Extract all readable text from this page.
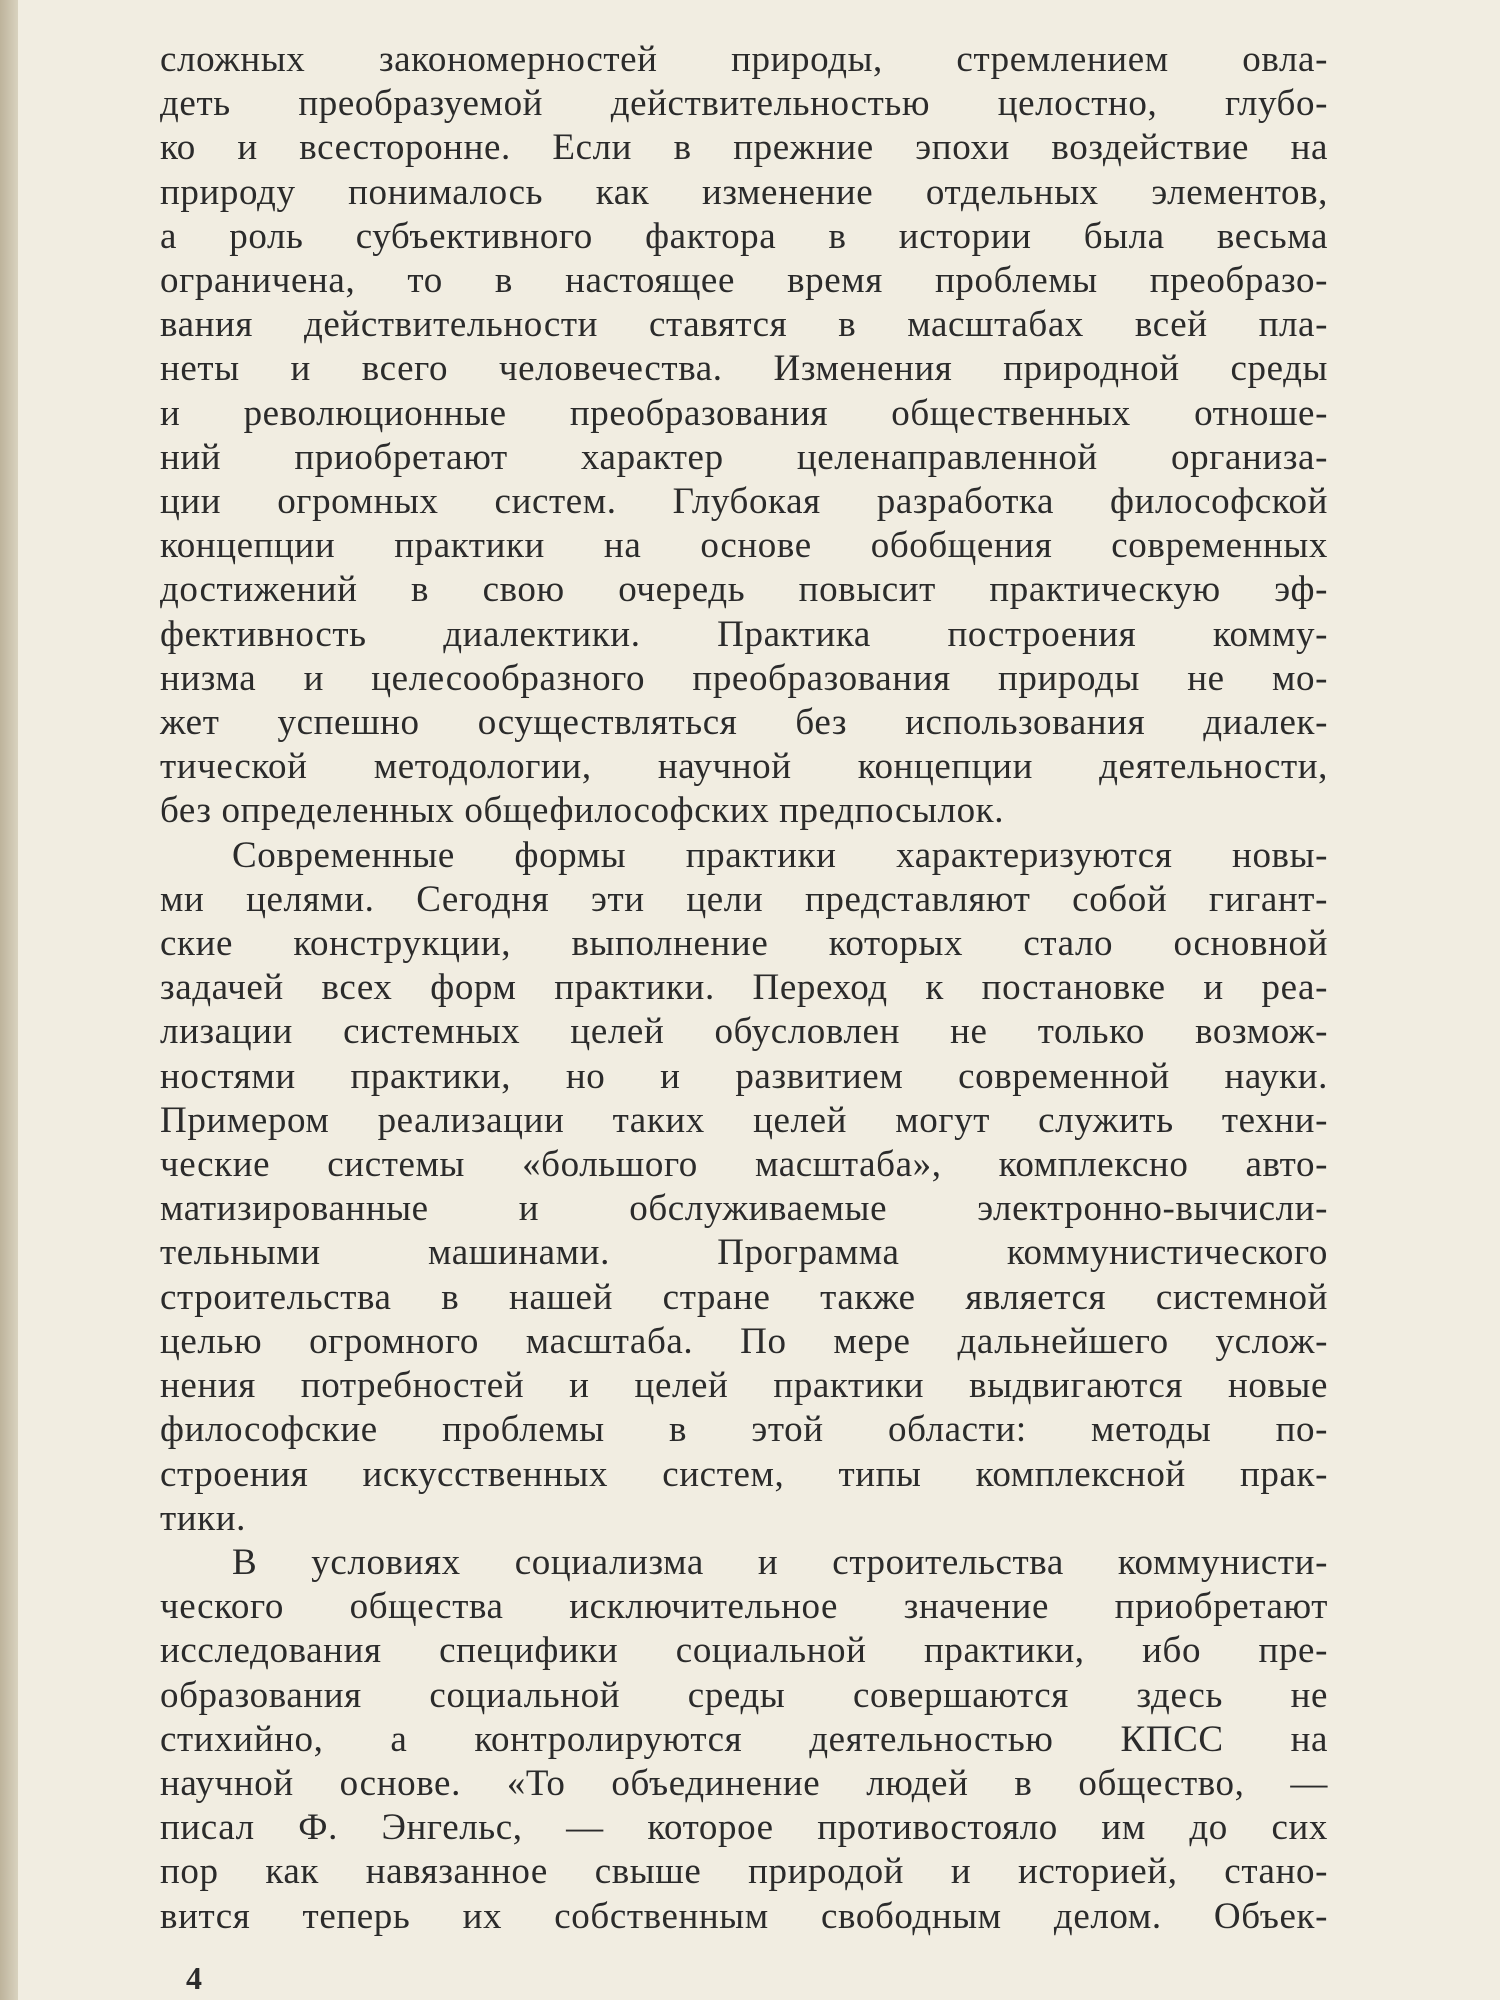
сложных закономерностей природы, стремлением овла-
деть преобразуемой действительностью целостно, глубо-
ко и всесторонне. Если в прежние эпохи воздействие на
природу понималось как изменение отдельных элементов,
а роль субъективного фактора в истории была весьма
ограничена, то в настоящее время проблемы преобразо-
вания действительности ставятся в масштабах всей пла-
неты и всего человечества. Изменения природной среды
и революционные преобразования общественных отноше-
ний приобретают характер целенаправленной организа-
ции огромных систем. Глубокая разработка философской
концепции практики на основе обобщения современных
достижений в свою очередь повысит практическую эф-
фективность диалектики. Практика построения комму-
низма и целесообразного преобразования природы не мо-
жет успешно осуществляться без использования диалек-
тической методологии, научной концепции деятельности,
без определенных общефилософских предпосылок.
Современные формы практики характеризуются новы-
ми целями. Сегодня эти цели представляют собой гигант-
ские конструкции, выполнение которых стало основной
задачей всех форм практики. Переход к постановке и реа-
лизации системных целей обусловлен не только возмож-
ностями практики, но и развитием современной науки.
Примером реализации таких целей могут служить техни-
ческие системы «большого масштаба», комплексно авто-
матизированные и обслуживаемые электронно-вычисли-
тельными машинами. Программа коммунистического
строительства в нашей стране также является системной
целью огромного масштаба. По мере дальнейшего услож-
нения потребностей и целей практики выдвигаются новые
философские проблемы в этой области: методы по-
строения искусственных систем, типы комплексной прак-
тики.
В условиях социализма и строительства коммунисти-
ческого общества исключительное значение приобретают
исследования специфики социальной практики, ибо пре-
образования социальной среды совершаются здесь не
стихийно, а контролируются деятельностью КПСС на
научной основе. «То объединение людей в общество, —
писал Ф. Энгельс, — которое противостояло им до сих
пор как навязанное свыше природой и историей, стано-
вится теперь их собственным свободным делом. Объек-
4
